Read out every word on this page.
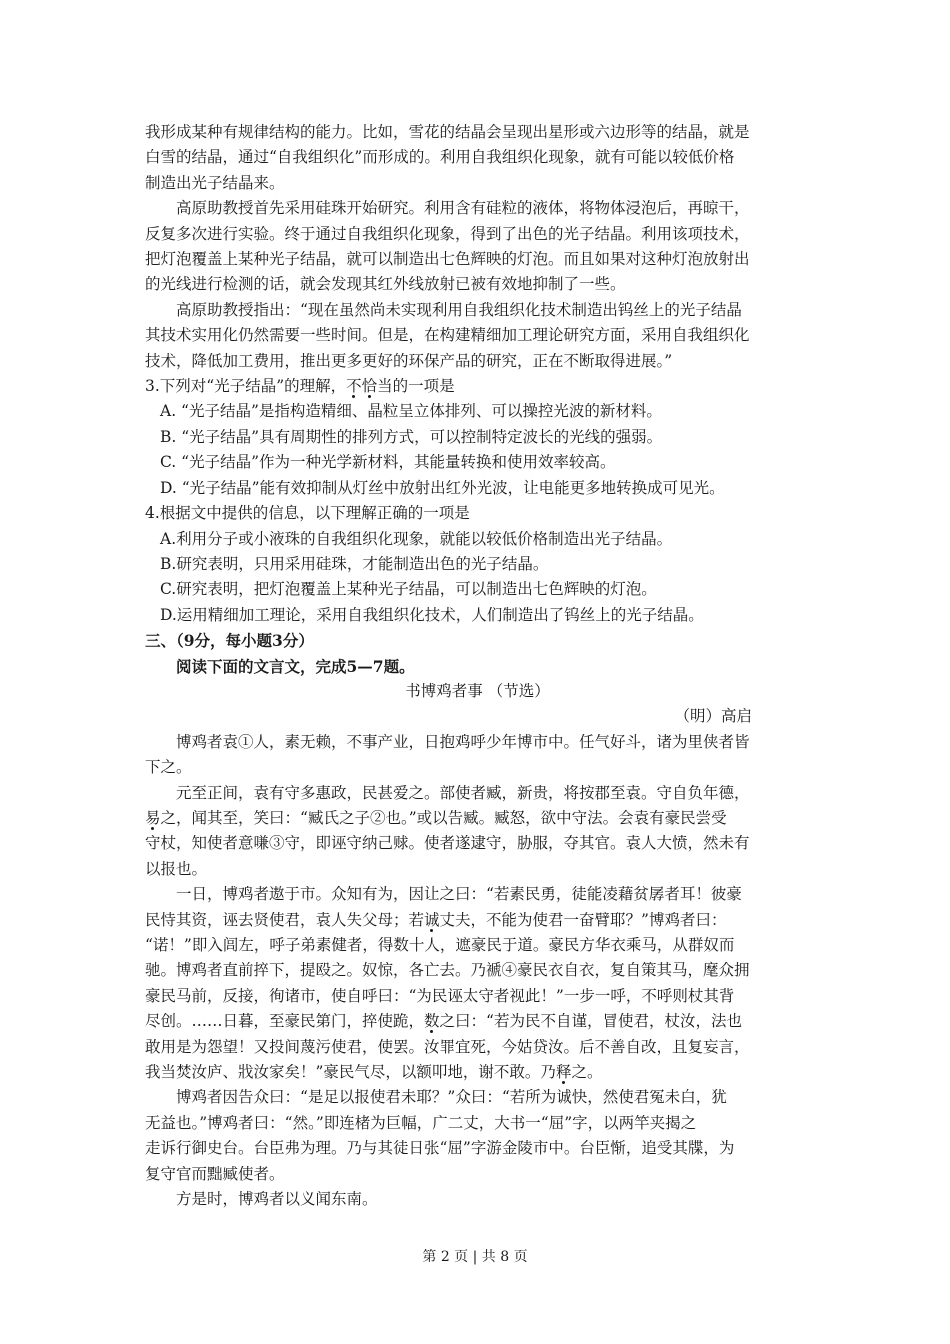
我形成某种有规律结构的能力。比如，雪花的结晶会呈现出星形或六边形等的结晶，就是
白雪的结晶，通过“自我组织化”而形成的。利用自我组织化现象，就有可能以较低价格
制造出光子结晶来。
高原助教授首先采用硅珠开始研究。利用含有硅粒的液体，将物体浸泡后，再晾干，
反复多次进行实验。终于通过自我组织化现象，得到了出色的光子结晶。利用该项技术，
把灯泡覆盖上某种光子结晶，就可以制造出七色辉映的灯泡。而且如果对这种灯泡放射出
的光线进行检测的话，就会发现其红外线放射已被有效地抑制了一些。
高原助教授指出：“现在虽然尚未实现利用自我组织化技术制造出钨丝上的光子结晶
其技术实用化仍然需要一些时间。但是，在构建精细加工理论研究方面，采用自我组织化
技术，降低加工费用，推出更多更好的环保产品的研究，正在不断取得进展。”
3.下列对“光子结晶”的理解，不恰当的一项是
A. “光子结晶”是指构造精细、晶粒呈立体排列、可以操控光波的新材料。
B. “光子结晶”具有周期性的排列方式，可以控制特定波长的光线的强弱。
C. “光子结晶”作为一种光学新材料，其能量转换和使用效率较高。
D. “光子结晶”能有效抑制从灯丝中放射出红外光波，让电能更多地转换成可见光。
4.根据文中提供的信息，以下理解正确的一项是
A.利用分子或小液珠的自我组织化现象，就能以较低价格制造出光子结晶。
B.研究表明，只用采用硅珠，才能制造出色的光子结晶。
C.研究表明，把灯泡覆盖上某种光子结晶，可以制造出七色辉映的灯泡。
D.运用精细加工理论，采用自我组织化技术，人们制造出了钨丝上的光子结晶。
三、（9分，每小题3分）
阅读下面的文言文，完成5—7题。
书博鸡者事 （节选）
（明）高启
博鸡者袁①人，素无赖，不事产业，日抱鸡呼少年博市中。任气好斗，诸为里侠者皆
下之。
元至正间，袁有守多惠政，民甚爱之。部使者臧，新贵，将按郡至袁。守自负年德，
易之，闻其至，笑曰：“臧氏之子②也。”或以告臧。臧怒，欲中守法。会袁有豪民尝受
守杖，知使者意嗛③守，即诬守纳己赇。使者遂逮守，胁服，夺其官。袁人大愤，然未有
以报也。
一日，博鸡者遨于市。众知有为，因让之曰：“若素民勇，徒能凌藉贫孱者耳！彼豪
民恃其资，诬去贤使君，袁人失父母；若诚丈夫，不能为使君一奋臂耶？”博鸡者曰：
“诺！”即入闾左，呼子弟素健者，得数十人，遮豪民于道。豪民方华衣乘马，从群奴而
驰。博鸡者直前捽下，提殴之。奴惊，各亡去。乃褫④豪民衣自衣，复自策其马，麾众拥
豪民马前，反接，徇诸市，使自呼曰：“为民诬太守者视此！”一步一呼，不呼则杖其背
尽创。……日暮，至豪民第门，捽使跪，数之曰：“若为民不自谨，冒使君，杖汝，法也
敢用是为怨望！又投间蔑污使君，使罢。汝罪宜死，今姑贷汝。后不善自改，且复妄言，
我当焚汝庐、戕汝家矣！”豪民气尽，以额叩地，谢不敢。乃释之。
博鸡者因告众曰：“是足以报使君未耶？”众曰：“若所为诚快，然使君冤未白，犹
无益也。”博鸡者曰：“然。”即连楮为巨幅，广二丈，大书一“屈”字，以两竿夹揭之
走诉行御史台。台臣弗为理。乃与其徒日张“屈”字游金陵市中。台臣惭，追受其牒，为
复守官而黜臧使者。
方是时，博鸡者以义闻东南。
第 2 页 | 共 8 页
